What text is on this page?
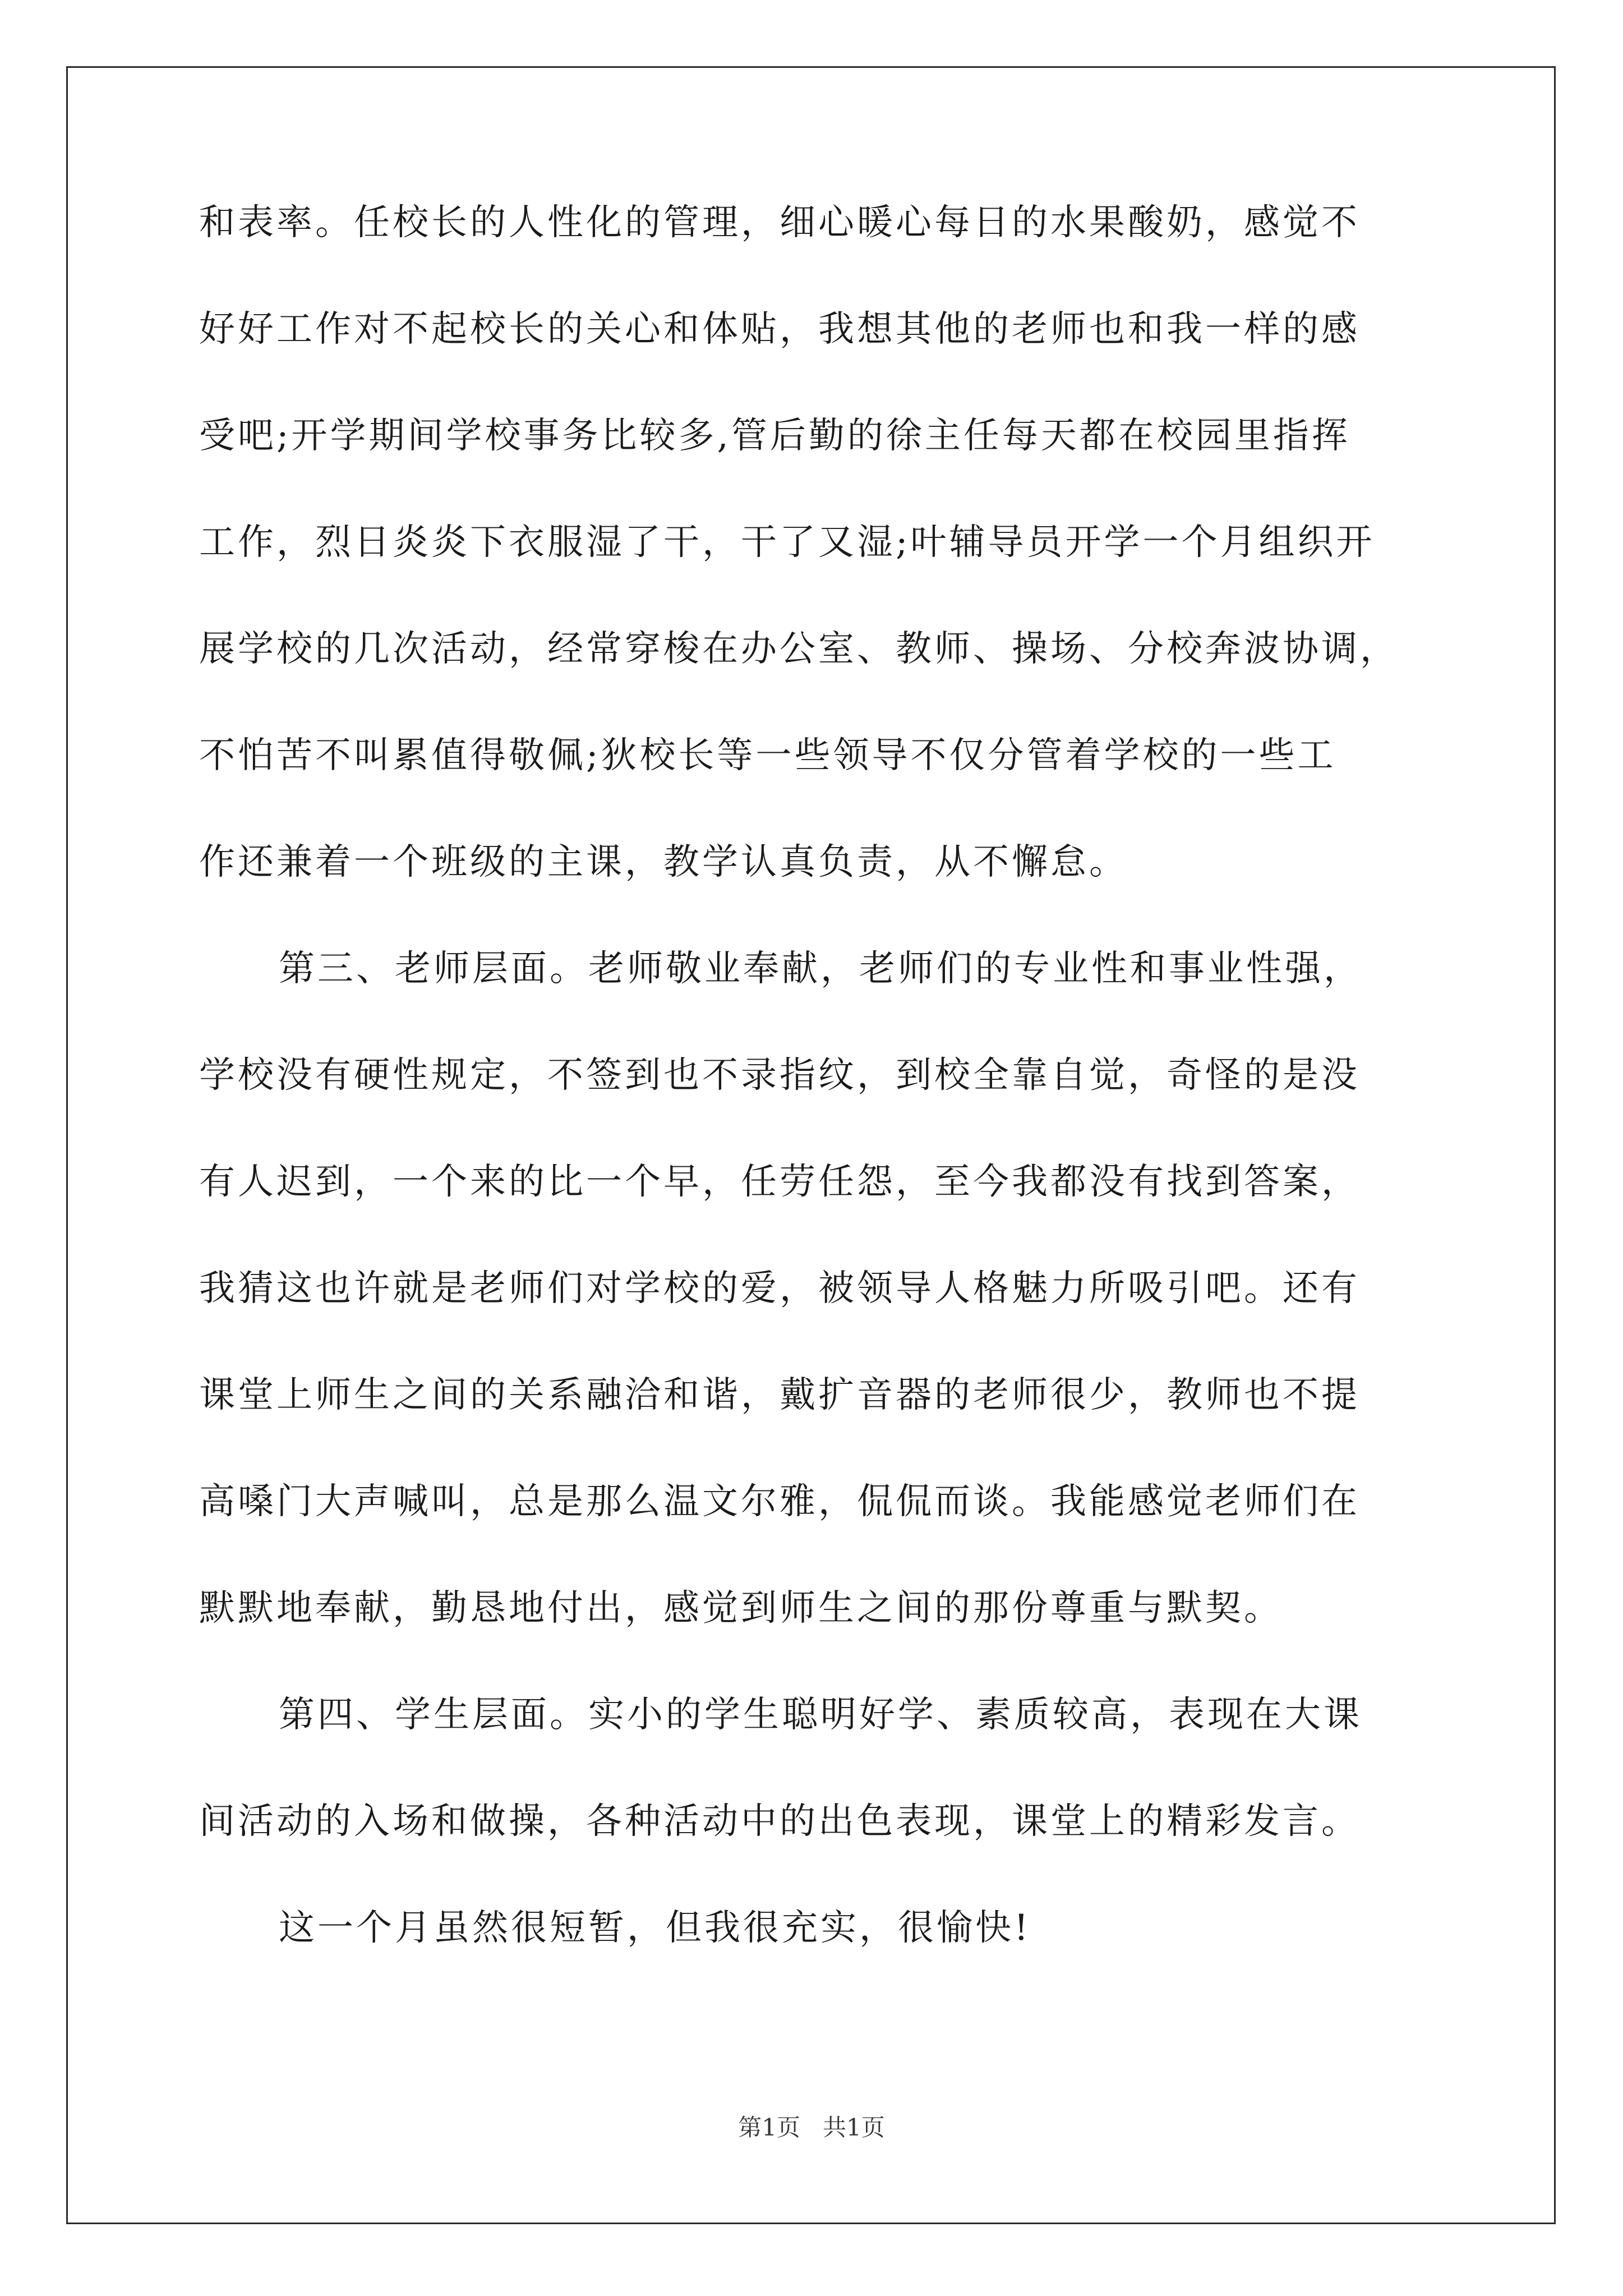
和表率。任校长的人性化的管理，细心暖心每日的水果酸奶，感觉不
好好工作对不起校长的关心和体贴，我想其他的老师也和我一样的感
受吧;开学期间学校事务比较多,管后勤的徐主任每天都在校园里指挥
工作，烈日炎炎下衣服湿了干，干了又湿;叶辅导员开学一个月组织开
展学校的几次活动，经常穿梭在办公室、教师、操场、分校奔波协调，
不怕苦不叫累值得敬佩;狄校长等一些领导不仅分管着学校的一些工
作还兼着一个班级的主课，教学认真负责，从不懈怠。
第三、老师层面。老师敬业奉献，老师们的专业性和事业性强，
学校没有硬性规定，不签到也不录指纹，到校全靠自觉，奇怪的是没
有人迟到，一个来的比一个早，任劳任怨，至今我都没有找到答案，
我猜这也许就是老师们对学校的爱，被领导人格魅力所吸引吧。还有
课堂上师生之间的关系融洽和谐，戴扩音器的老师很少，教师也不提
高嗓门大声喊叫，总是那么温文尔雅，侃侃而谈。我能感觉老师们在
默默地奉献，勤恳地付出，感觉到师生之间的那份尊重与默契。
第四、学生层面。实小的学生聪明好学、素质较高，表现在大课
间活动的入场和做操，各种活动中的出色表现，课堂上的精彩发言。
这一个月虽然很短暂，但我很充实，很愉快!
第1页   共1页
